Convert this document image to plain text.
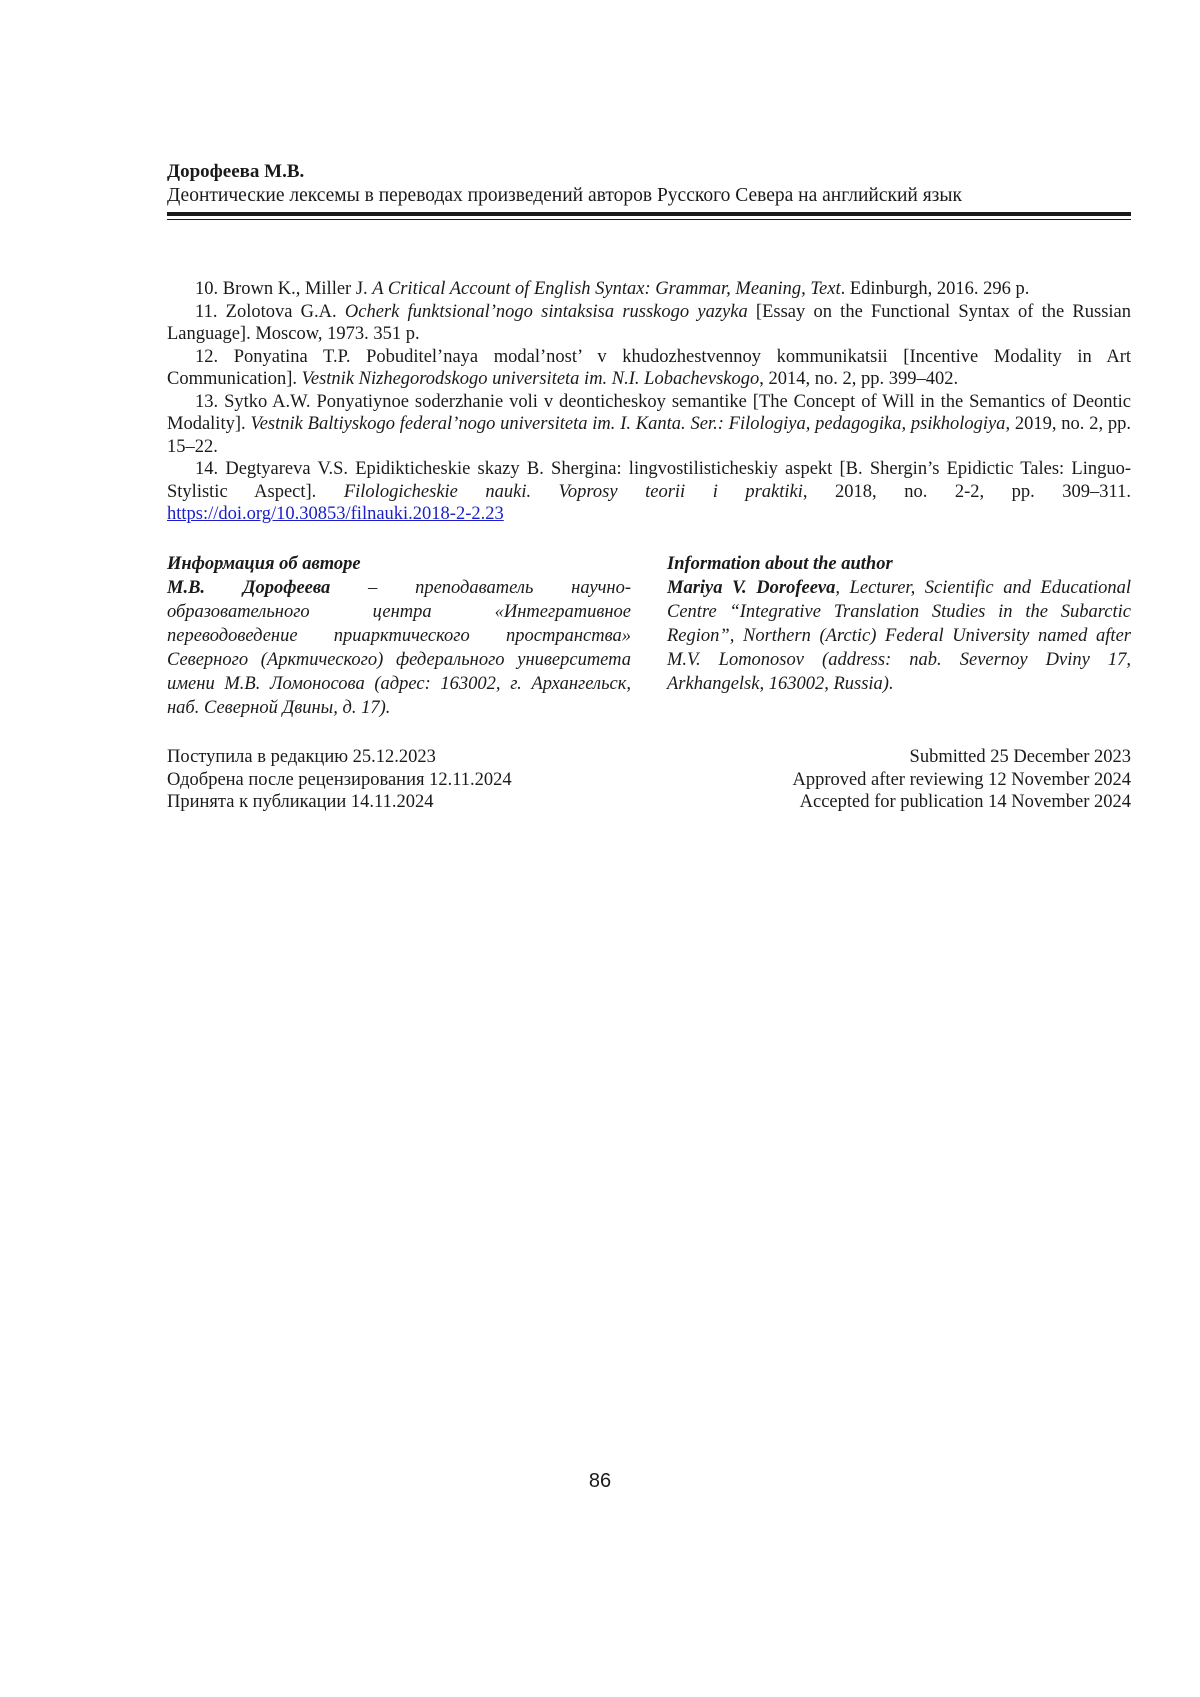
Дорофеева М.В.
Деонтические лексемы в переводах произведений авторов Русского Севера на английский язык

10. Brown K., Miller J. A Critical Account of English Syntax: Grammar, Meaning, Text. Edinburgh, 2016. 296 p.

11. Zolotova G.A. Ocherk funktsional’nogo sintaksisa russkogo yazyka [Essay on the Functional Syntax of the Russian Language]. Moscow, 1973. 351 p.

12. Ponyatina T.P. Pobuditel’naya modal’nost’ v khudozhestvennoy kommunikatsii [Incentive Modality in Art Communication]. Vestnik Nizhegorodskogo universiteta im. N.I. Lobachevskogo, 2014, no. 2, pp. 399–402.

13. Sytko A.W. Ponyatiynoe soderzhanie voli v deonticheskoy semantike [The Concept of Will in the Semantics of Deontic Modality]. Vestnik Baltiyskogo federal’nogo universiteta im. I. Kanta. Ser.: Filologiya, pedagogika, psikhologiya, 2019, no. 2, pp. 15–22.

14. Degtyareva V.S. Epidikticheskie skazy B. Shergina: lingvostilisticheskiy aspekt [B. Shergin’s Epidictic Tales: Linguo-Stylistic Aspect]. Filologicheskie nauki. Voprosy teorii i praktiki, 2018, no. 2-2, pp. 309–311. https://doi.org/10.30853/filnauki.2018-2-2.23

Информация об авторе
М.В. Дорофеева – преподаватель научно-образовательного центра «Интегративное переводоведение приарктического пространства» Северного (Арктического) федерального университета имени М.В. Ломоносова (адрес: 163002, г. Архангельск, наб. Северной Двины, д. 17).
Information about the author
Mariya V. Dorofeeva, Lecturer, Scientific and Educational Centre “Integrative Translation Studies in the Subarctic Region”, Northern (Arctic) Federal University named after M.V. Lomonosov (address: nab. Severnoy Dviny 17, Arkhangelsk, 163002, Russia).
Поступила в редакцию 25.12.2023
Одобрена после рецензирования 12.11.2024
Принята к публикации 14.11.2024
Submitted 25 December 2023
Approved after reviewing 12 November 2024
Accepted for publication 14 November 2024
86
